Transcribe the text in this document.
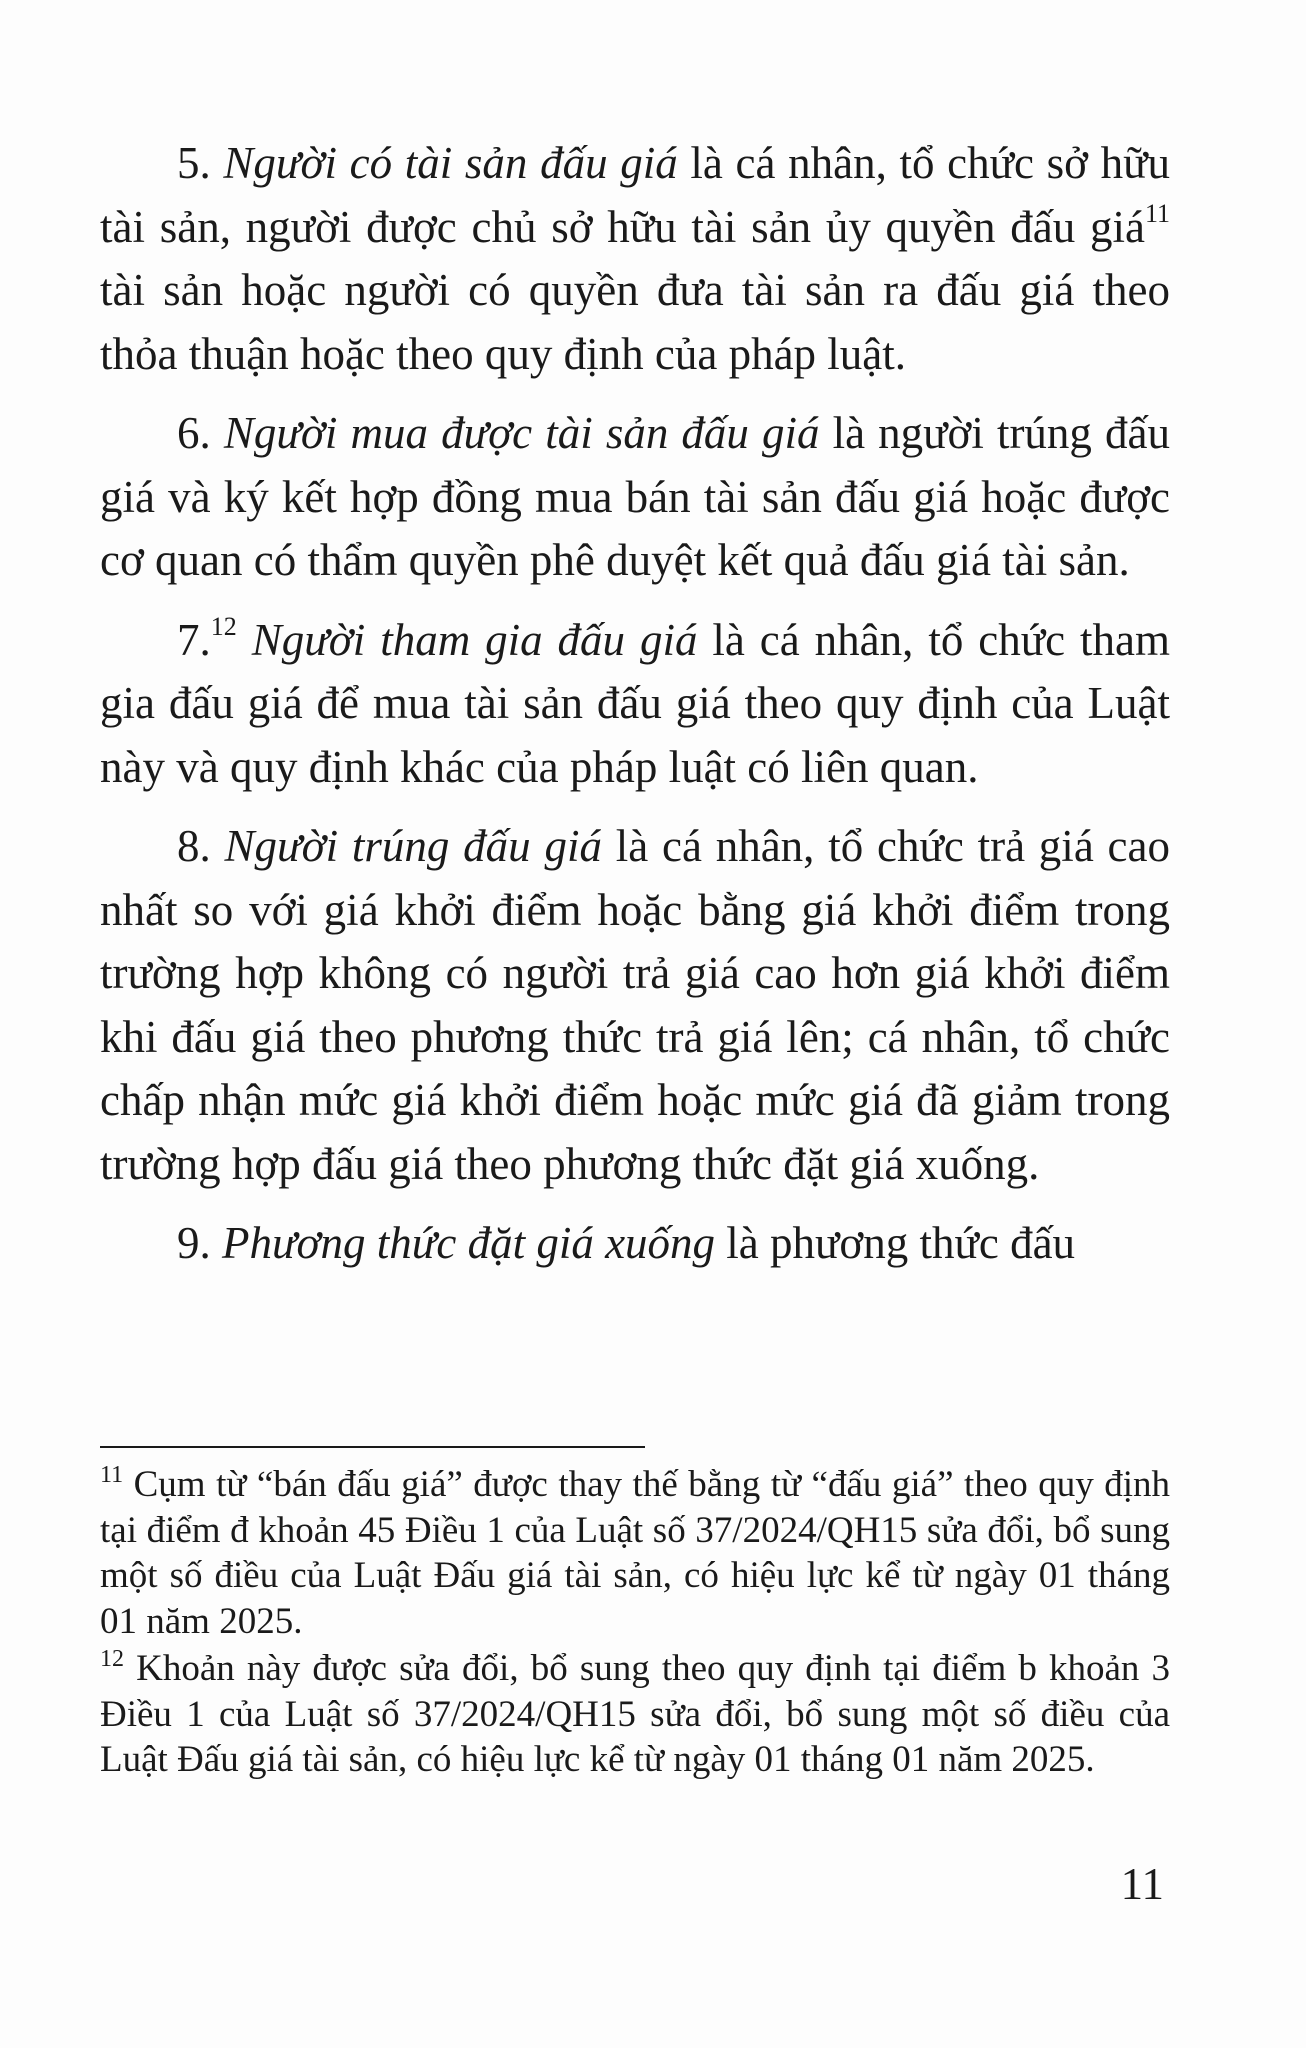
5. Người có tài sản đấu giá là cá nhân, tổ chức sở hữu tài sản, người được chủ sở hữu tài sản ủy quyền đấu giá$^{11}$ tài sản hoặc người có quyền đưa tài sản ra đấu giá theo thỏa thuận hoặc theo quy định của pháp luật.

6. Người mua được tài sản đấu giá là người trúng đấu giá và ký kết hợp đồng mua bán tài sản đấu giá hoặc được cơ quan có thẩm quyền phê duyệt kết quả đấu giá tài sản.

7.12 Người tham gia đấu giá là cá nhân, tổ chức tham gia đấu giá để mua tài sản đấu giá theo quy định của Luật này và quy định khác của pháp luật có liên quan.

8. Người trúng đấu giá là cá nhân, tổ chức trả giá cao nhất so với giá khởi điểm hoặc bằng giá khởi điểm trong trường hợp không có người trả giá cao hơn giá khởi điểm khi đấu giá theo phương thức trả giá lên; cá nhân, tổ chức chấp nhận mức giá khởi điểm hoặc mức giá đã giảm trong trường hợp đấu giá theo phương thức đặt giá xuống.

9. Phương thức đặt giá xuống là phương thức đấu

$^{11}$ Cụm từ “bán đấu giá” được thay thế bằng từ “đấu giá” theo quy định tại điểm đ khoản 45 Điều 1 của Luật số 37/2024/QH15 sửa đổi, bổ sung một số điều của Luật Đấu giá tài sản, có hiệu lực kể từ ngày 01 tháng 01 năm 2025.

$^{12}$ Khoản này được sửa đổi, bổ sung theo quy định tại điểm b khoản 3 Điều 1 của Luật số 37/2024/QH15 sửa đổi, bổ sung một số điều của Luật Đấu giá tài sản, có hiệu lực kể từ ngày 01 tháng 01 năm 2025.

11
